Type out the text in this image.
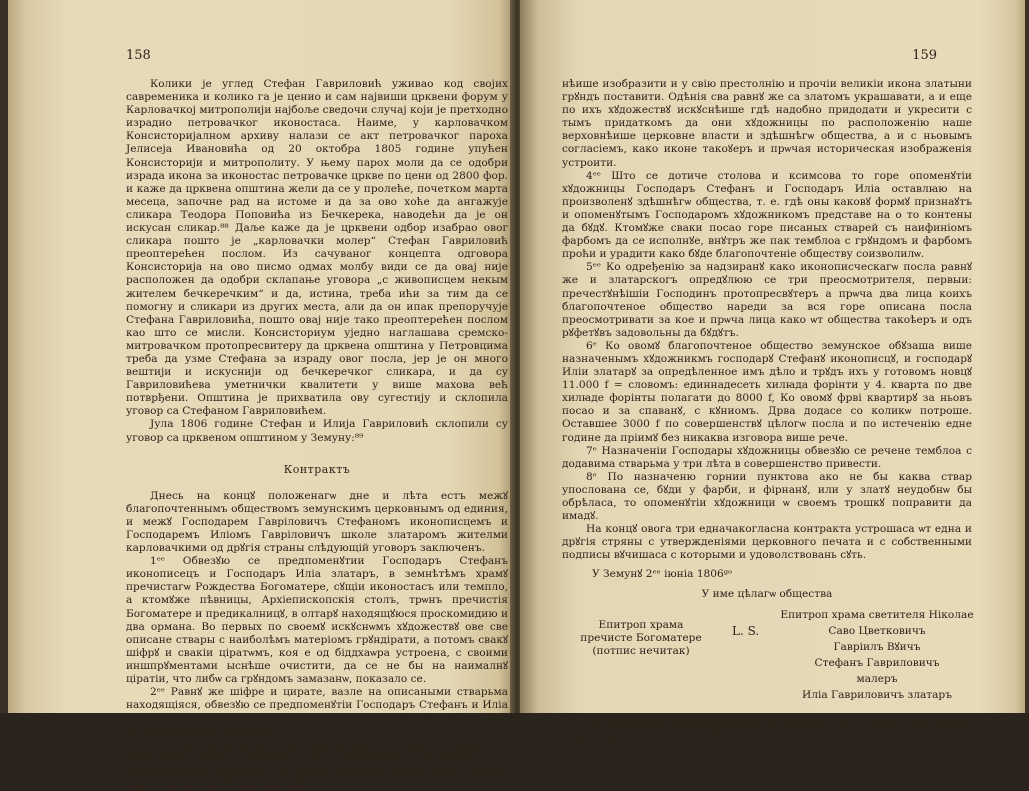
158

Колики је углед Стефан Гавриловић уживао код својих савременика и колико га је ценио и сам највиши црквени форум у Карловачкој митрополији најбоље сведочи случај који је претходно израдио петровачког иконостаса. Наиме, у карловачком Консисторијалном архиву налази се акт петровачког пароха Јелисеја Ивановића од 20 октобра 1805 године упућен Консисторији и митрополиту. У њему парох моли да се одобри израда икона за иконостас петровачке цркве по цени од 2800 фор. и каже да црквена општина жели да се у пролеће, почетком марта месеца, започне рад на истоме и да за ово хоће да ангажује сликара Теодора Поповића из Бечкерека, наводећи да је он искусан сликар.⁸⁸ Даље каже да је црквени одбор изабрао овог сликара пошто је „карловачки молер“ Стефан Гавриловић преоптерећен послом. Из сачуваног концепта одговора Консисторија на ово писмо одмах молбу види се да овај није расположен да одобри склапање уговора „с живописцем некым жителем бечкеречким“ и да, истина, треба ићи за тим да се помогну и сликари из других места, али да он ипак препоручује Стефана Гавриловића, пошто овај није тако преоптерећен послом као што се мисли. Консисториум уједно наглашава сремско-митровачком протопресвитеру да црквена општина у Петровцима треба да узме Стефана за израду овог посла, јер је он много вештији и искуснији од бечкеречког сликара, и да су Гавриловићева уметнички квалитети у више махова већ потврђени. Општина је прихватила ову сугестију и склопила уговор са Стефаном Гавриловићем.

Јула 1806 године Стефан и Илија Гавриловић склопили су уговор са црквеном општином у Земуну:⁸⁹

Контрактъ

Днесь на концꙋ положенагѡ дне и лѣта естъ межꙋ благопочтеннымъ обществомъ земунскимъ церковнымъ од единия, и межꙋ Господарем Гавріловичъ Стефаномъ иконописцемъ и Господаремъ Иліомъ Гавріловичъ школе златаромъ жителми карловачкими од дрꙋгія страны слѣдующій уговоръ заключенъ.

1ᵉᵉ Обвезꙋю се предпоменꙋтии Господаръ Стефанъ иконописецъ и Господаръ Иліа златаръ, в земнѣтѣмъ храмꙋ пречистагѡ Рождества Богоматере, сꙋщіи иконостасъ или темпло, а ктомꙋже пѣвницы, Архіепископскія столъ, трѡнъ пречистія Богоматере и предикалницꙋ, в олтарꙋ находящꙋюся проскомидию и два ормана. Во первых по своемꙋ искꙋснѡмъ хꙋдожествꙋ ове све описане ствары с наиболѣмъ матеріомъ грꙋндірати, а потомъ свакꙋ шіфрꙋ и свакіи ціратѡмъ, коя е од біддхаѡра устроена, с своими иншпрꙋментами ыснѣше очистити, да се не бы на наималнꙋ ціратіи, что либѡ са грꙋндомъ замазанѡ, показало се.

2ᵉᵉ Равнꙋ же шіфре и цирате, вазле на описаными стварьма находящіяся, обвезꙋю се предпоменꙋтіи Господаръ Стефанъ и Иліа Гавріловичъ са финымъ и постояннымъ златнымъ металломъ вси по искꙋствꙋ ихъ позлатити.

3ᵉᵉ Горе назначенніи два хꙋдожника Господаръ Стефанъ и Господаръ Иліа обвезꙋю се предречены иконостасъ с приключенима стварьма, на формꙋ земунске старе цркве, сꙋщаго храма светителя Ніколая подоб-

159

нѣише изобразити и у свію престолнію и прочіи великіи икона златыни грꙋндъ поставити. Одѣнія сва равнꙋ же са златомъ украшавати, а и еще по ихъ хꙋдожествꙋ искꙋснѣише гдѣ надобно придодати и укресити с тымъ придаткомъ да они хꙋдожницы по расположенію наше верховнѣише церковне власти и здѣшнѣгѡ общества, а и с ньовымъ согласіемъ, како иконе такоꙋеръ и прѡчая историческая изображенія устроити.

4ᵉᵉ Што се дотиче столова и ксимсова то горе опоменꙋтіи хꙋдожницы Господаръ Стефанъ и Господаръ Иліа оставлꙗю на произволенꙋ здѣшнѣгѡ общества, т. е. гдѣ оны каковꙋ формꙋ признаꙋтъ и опоменꙋтымъ Господаромъ хꙋдожникомъ представе на о то контены да бꙋдꙋ. Ктомꙋже сваки посао горе писаных стварей съ наифиніомъ фарбомъ да се исполнꙋе, внꙋтръ же пак темблоа с грꙋндомъ и фарбомъ проћи и урадити како бꙋде благопочтеніе обществу соизволилѡ.

5ᵉᵉ Ко одређенію за надзиранꙋ како иконописческагѡ посла равнꙋ же и златарскогъ опредꙋлюю се три преосмотрителя, первыи: пречестꙋнѣішіи Господинъ протопресвꙋтеръ а прѡча два лица коихъ благопочтеное общество нареди за вся горе описана посла преосмотривати за кое и прѡча лица како ѡт общества такоѣеръ и одъ рꙋфетꙋвъ задовольны да бꙋдꙋтъ.

6ᵉ Ко овомꙋ благопочтеное общество земунское обꙋзаша више назначенымъ хꙋдожникмъ господарꙋ Стефанꙋ иконописцꙋ, и господарꙋ Иліи златарꙋ за опредѣленное имъ дѣло и трꙋдъ ихъ у готовомъ новцꙋ 11.000 f = словомъ: единнадесеть хилꙗда форінти у 4. кварта по две хилꙗде форінты полагати до 8000 f, Ко овомꙋ фрві квартирꙋ за ньовъ посао и за спаванꙋ, с кꙋниомъ. Дрва додасе со коликѡ потроше. Оставшее 3000 f по совершенствꙋ цѣлогѡ посла и по истеченію едне године да пріимꙋ без никаква изговора више рече.

7ᵉ Назначеніи Господары хꙋдожницы обвезꙋю се речене темблоа с додавима стварьма у три лѣта в совершенство привести.

8ᵉ По назначеню горнии пунктова ако не бы каква ствар упослована се, бꙋди у фарби, и фірнанꙋ, или у златꙋ неудобнѡ бы обрѣласа, то опоменꙋтіи хꙋдожници ѡ своемъ трошкꙋ поправити да имадꙋ.

На концꙋ овога три едначакогласна контракта устрошаса ѡт една и дрꙋгія стряны с утвержденіями церковного печата и с собственными подписы вꙋчишаса с которыми и удоволствовань сꙋть.

У Земунꙋ 2ᵉᵉ іюніа 1806ᵍᵒ

У име цѣлагѡ общества

Епитроп храма
пречисте Богоматере
(потпис нечитак)
L. S.
Епитроп храма светителя Ніколае
Саво Цветковичъ
Гавріилъ Вꙋичъ
Стефанъ Гавриловичъ
малеръ
Иліа Гавриловичъ златаръ

Из протокола Консисториума са седнице од 22 маја 1809 године види се да је, поводом молбе Стефана Гавриловића за интервенцију да
